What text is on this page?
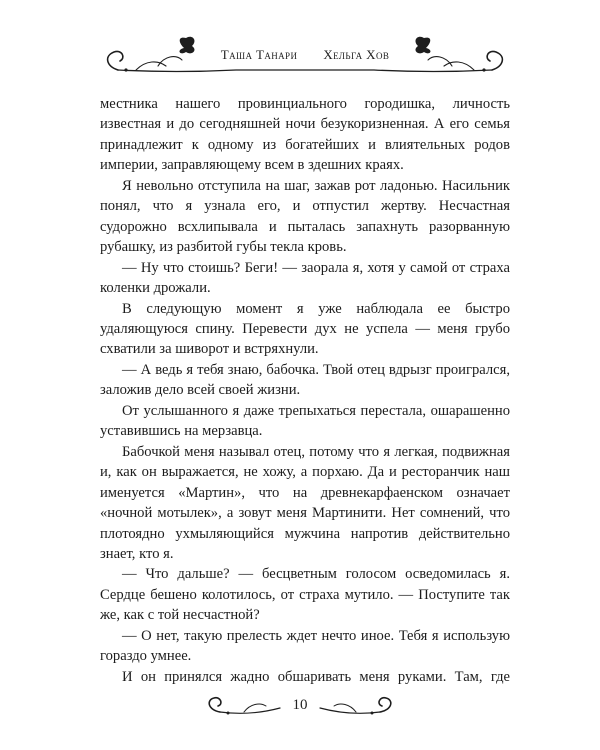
Таша Танари Хельга Хов

местника нашего провинциального городишка, личность известная и до сегодняшней ночи безукоризненная. А его семья принадлежит к одному из богатейших и влиятельных родов империи, заправляющему всем в здешних краях.

Я невольно отступила на шаг, зажав рот ладонью. Насильник понял, что я узнала его, и отпустил жертву. Несчастная судорожно всхлипывала и пыталась запахнуть разорванную рубашку, из разбитой губы текла кровь.

— Ну что стоишь? Беги! — заорала я, хотя у самой от страха коленки дрожали.

В следующую момент я уже наблюдала ее быстро удаляющуюся спину. Перевести дух не успела — меня грубо схватили за шиворот и встряхнули.

— А ведь я тебя знаю, бабочка. Твой отец вдрызг проигрался, заложив дело всей своей жизни.

От услышанного я даже трепыхаться перестала, ошарашенно уставившись на мерзавца.

Бабочкой меня называл отец, потому что я легкая, подвижная и, как он выражается, не хожу, а порхаю. Да и ресторанчик наш именуется «Мартин», что на древнекарфаенском означает «ночной мотылек», а зовут меня Мартинити. Нет сомнений, что плотоядно ухмыляющийся мужчина напротив действительно знает, кто я.

— Что дальше? — бесцветным голосом осведомилась я. Сердце бешено колотилось, от страха мутило. — Поступите так же, как с той несчастной?

— О нет, такую прелесть ждет нечто иное. Тебя я использую гораздо умнее.

И он принялся жадно обшаривать меня руками. Там, где

10
